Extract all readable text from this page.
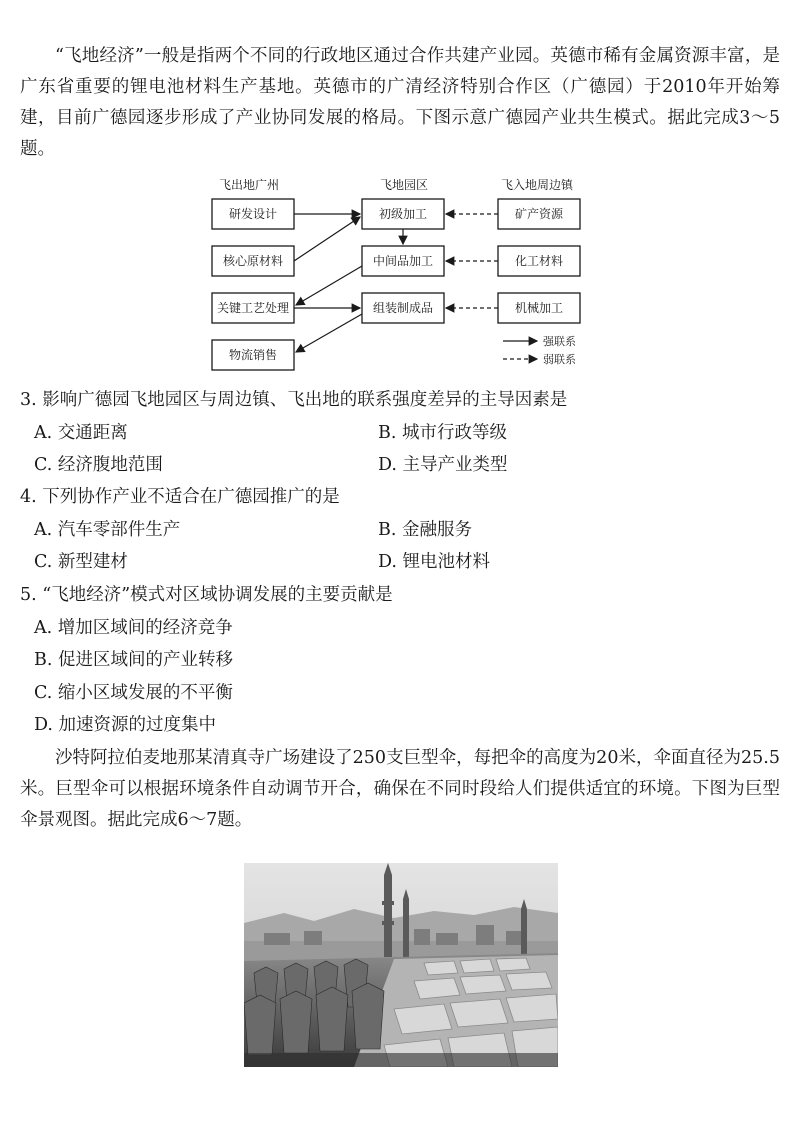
“飞地经济”一般是指两个不同的行政地区通过合作共建产业园。英德市稀有金属资源丰富，是广东省重要的锂电池材料生产基地。英德市的广清经济特别合作区（广德园）于2010年开始筹建，目前广德园逐步形成了产业协同发展的格局。下图示意广德园产业共生模式。据此完成3～5题。

飞出地广州	飞地园区	飞入地周边镇
研发设计
核心原材料
关键工艺处理
物流销售
初级加工
中间品加工
组装制成品
矿产资源
化工材料
机械加工
强联系
弱联系
3. 影响广德园飞地园区与周边镇、飞出地的联系强度差异的主导因素是
A. 交通距离	B. 城市行政等级
C. 经济腹地范围	D. 主导产业类型
4. 下列协作产业不适合在广德园推广的是
A. 汽车零部件生产	B. 金融服务
C. 新型建材	D. 锂电池材料
5. “飞地经济”模式对区域协调发展的主要贡献是
A. 增加区域间的经济竞争
B. 促进区域间的产业转移
C. 缩小区域发展的不平衡
D. 加速资源的过度集中

沙特阿拉伯麦地那某清真寺广场建设了250支巨型伞，每把伞的高度为20米，伞面直径为25.5米。巨型伞可以根据环境条件自动调节开合，确保在不同时段给人们提供适宜的环境。下图为巨型伞景观图。据此完成6～7题。
